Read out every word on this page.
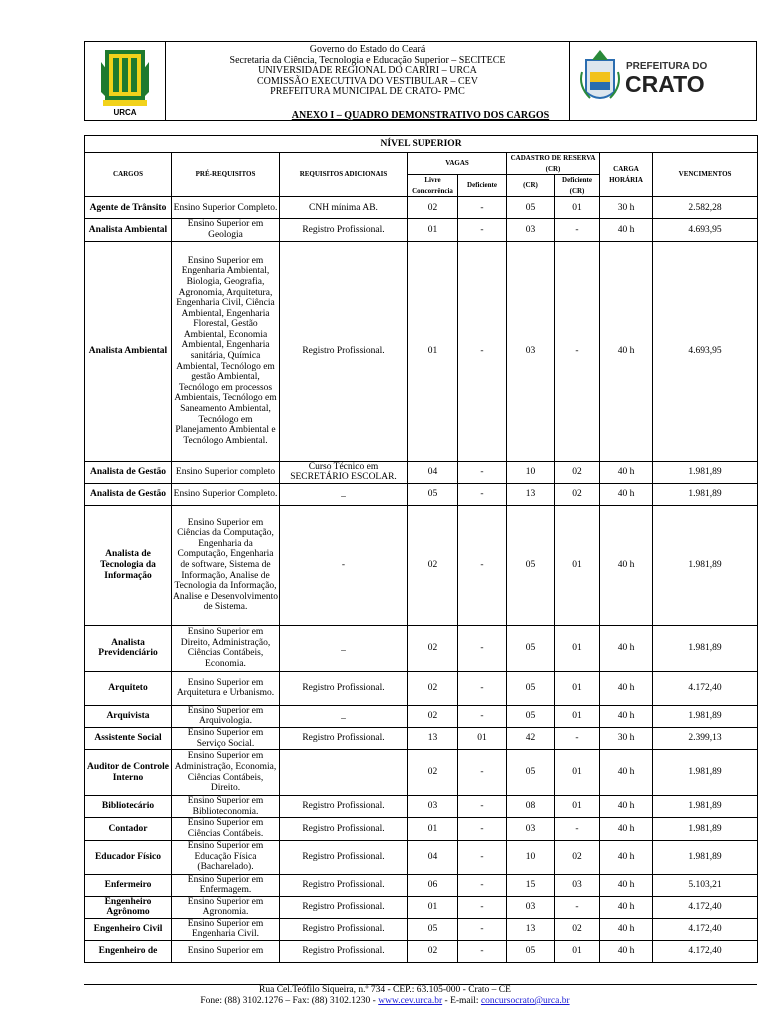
URCA
Governo do Estado do Ceará
Secretaria da Ciência, Tecnologia e Educação Superior – SECITECE
UNIVERSIDADE REGIONAL DO CARIRI – URCA
COMISSÃO EXECUTIVA DO VESTIBULAR – CEV
PREFEITURA MUNICIPAL DE CRATO- PMC
PREFEITURA DO
CRATO
ANEXO I – QUADRO DEMONSTRATIVO DOS CARGOS
NÍVEL SUPERIOR								
CARGOS	PRÉ-REQUISITOS	REQUISITOS ADICIONAIS	VAGAS		CADASTRO DE RESERVA (CR)		CARGA HORÁRIA	VENCIMENTOS
			Livre Concorrência	Deficiente	(CR)	Deficiente (CR)		
Agente de Trânsito	Ensino Superior Completo.	CNH mínima AB.	02	-	05	01	30 h	2.582,28
Analista Ambiental	Ensino Superior em Geologia	Registro Profissional.	01	-	03	-	40 h	4.693,95
Analista Ambiental	Ensino Superior em Engenharia Ambiental, Biologia, Geografia, Agronomia, Arquitetura, Engenharia Civil, Ciência Ambiental, Engenharia Florestal, Gestão Ambiental, Economia Ambiental, Engenharia sanitária, Química Ambiental, Tecnólogo em gestão Ambiental, Tecnólogo em processos Ambientais, Tecnólogo em Saneamento Ambiental, Tecnólogo em Planejamento Ambiental e Tecnólogo Ambiental.	Registro Profissional.	01	-	03	-	40 h	4.693,95
Analista de Gestão	Ensino Superior completo	Curso Técnico em SECRETÁRIO ESCOLAR.	04	-	10	02	40 h	1.981,89
Analista de Gestão	Ensino Superior Completo.	_	05	-	13	02	40 h	1.981,89
Analista de Tecnologia da Informação	Ensino Superior em Ciências da Computação, Engenharia da Computação, Engenharia de software, Sistema de Informação, Analise de Tecnologia da Informação, Analise e Desenvolvimento de Sistema.	-	02	-	05	01	40 h	1.981,89
Analista Previdenciário	Ensino Superior em Direito, Administração, Ciências Contábeis, Economia.	_	02	-	05	01	40 h	1.981,89
Arquiteto	Ensino Superior em Arquitetura e Urbanismo.	Registro Profissional.	02	-	05	01	40 h	4.172,40
Arquivista	Ensino Superior em Arquivologia.	_	02	-	05	01	40 h	1.981,89
Assistente Social	Ensino Superior em Serviço Social.	Registro Profissional.	13	01	42	-	30 h	2.399,13
Auditor de Controle Interno	Ensino Superior em Administração, Economia, Ciências Contábeis, Direito.		02	-	05	01	40 h	1.981,89
Bibliotecário	Ensino Superior em Biblioteconomia.	Registro Profissional.	03	-	08	01	40 h	1.981,89
Contador	Ensino Superior em Ciências Contábeis.	Registro Profissional.	01	-	03	-	40 h	1.981,89
Educador Físico	Ensino Superior em Educação Física (Bacharelado).	Registro Profissional.	04	-	10	02	40 h	1.981,89
Enfermeiro	Ensino Superior em Enfermagem.	Registro Profissional.	06	-	15	03	40 h	5.103,21
Engenheiro Agrônomo	Ensino Superior em Agronomia.	Registro Profissional.	01	-	03	-	40 h	4.172,40
Engenheiro Civil	Ensino Superior em Engenharia Civil.	Registro Profissional.	05	-	13	02	40 h	4.172,40
Engenheiro de	Ensino Superior em	Registro Profissional.	02	-	05	01	40 h	4.172,40
Rua Cel.Teófilo Siqueira, n.º 734 - CEP.: 63.105-000 - Crato – CE
Fone: (88) 3102.1276 – Fax: (88) 3102.1230 - www.cev.urca.br - E-mail: concursocrato@urca.br
